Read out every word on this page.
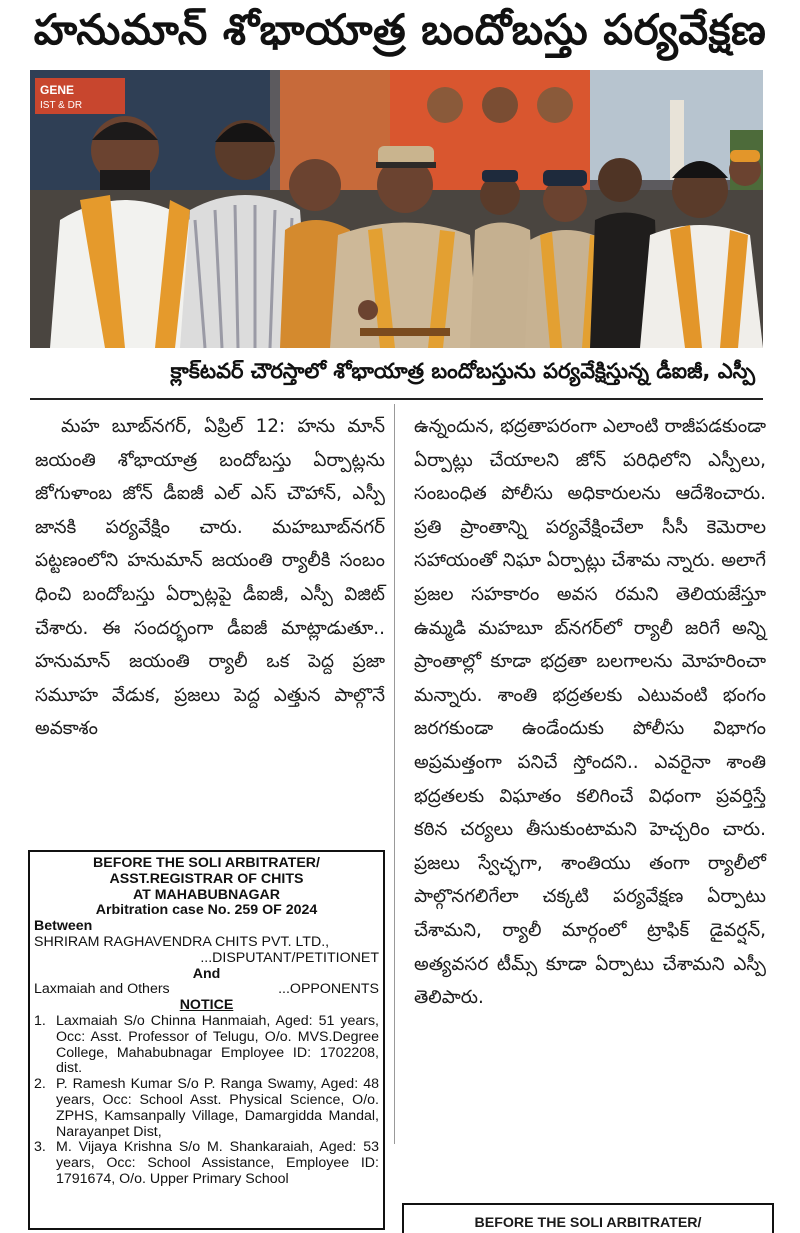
హనుమాన్ శోభాయాత్ర బందోబస్తు పర్యవేక్షణ
GENE
IST & DR
క్లాక్‌టవర్ చౌరస్తాలో శోభాయాత్ర బందోబస్తును పర్యవేక్షిస్తున్న డీఐజీ, ఎస్పీ

మహ బూబ్‌నగర్, ఏప్రిల్ 12: హను మాన్ జయంతి శోభాయాత్ర బందోబస్తు ఏర్పాట్లను జోగుళాంబ జోన్ డీఐజీ ఎల్ ఎస్ చౌహాన్, ఎస్పీ జానకి పర్యవేక్షిం చారు. మహబూబ్‌నగర్ పట్టణంలోని హనుమాన్ జయంతి ర్యాలీకి సంబం ధించి బందోబస్తు ఏర్పాట్లపై డీఐజీ, ఎస్పీ విజిట్ చేశారు. ఈ సందర్భంగా డీఐజీ మాట్లాడుతూ.. హనుమాన్ జయంతి ర్యాలీ ఒక పెద్ద ప్రజా సమూహ వేడుక, ప్రజలు పెద్ద ఎత్తున పాల్గొనే అవకాశం

ఉన్నందున, భద్రతాపరంగా ఎలాంటి రాజీపడకుండా ఏర్పాట్లు చేయాలని జోన్ పరిధిలోని ఎస్పీలు, సంబంధిత పోలీసు అధికారులను ఆదేశించారు. ప్రతి ప్రాంతాన్ని పర్యవేక్షించేలా సీసీ కెమెరాల సహాయంతో నిఘా ఏర్పాట్లు చేశామ న్నారు. అలాగే ప్రజల సహకారం అవస రమని తెలియజేస్తూ ఉమ్మడి మహబూ బ్‌నగర్‌లో ర్యాలీ జరిగే అన్ని ప్రాంతాల్లో కూడా భద్రతా బలగాలను మోహరించా మన్నారు. శాంతి భద్రతలకు ఎటువంటి భంగం జరగకుండా ఉండేందుకు పోలీసు విభాగం అప్రమత్తంగా పనిచే స్తోందని.. ఎవరైనా శాంతి భద్రతలకు విఘాతం కలిగించే విధంగా ప్రవర్తిస్తే కఠిన చర్యలు తీసుకుంటామని హెచ్చరిం చారు. ప్రజలు స్వేచ్ఛగా, శాంతియు తంగా ర్యాలీలో పాల్గొనగలిగేలా చక్కటి పర్యవేక్షణ ఏర్పాటు చేశామని, ర్యాలీ మార్గంలో ట్రాఫిక్ డైవర్షన్, అత్యవసర టీమ్స్ కూడా ఏర్పాటు చేశామని ఎస్పీ తెలిపారు.

BEFORE THE SOLI ARBITRATER/
ASST.REGISTRAR OF CHITS
AT MAHABUBNAGAR
Arbitration case No. 259 OF 2024
Between
SHRIRAM RAGHAVENDRA CHITS PVT. LTD.,
...DISPUTANT/PETITIONET
And
Laxmaiah and Others	...OPPONENTS
NOTICE
1. Laxmaiah S/o Chinna Hanmaiah, Aged: 51 years, Occ: Asst. Professor of Telugu, O/o. MVS.Degree College, Mahabubnagar Employee ID: 1702208, dist.
2. P. Ramesh Kumar S/o P. Ranga Swamy, Aged: 48 years, Occ: School Asst. Physical Science, O/o. ZPHS, Kamsanpally Village, Damargidda Mandal, Narayanpet Dist,
3. M. Vijaya Krishna S/o M. Shankaraiah, Aged: 53 years, Occ: School Assistance, Employee ID: 1791674, O/o. Upper Primary School
BEFORE THE SOLI ARBITRATER/
